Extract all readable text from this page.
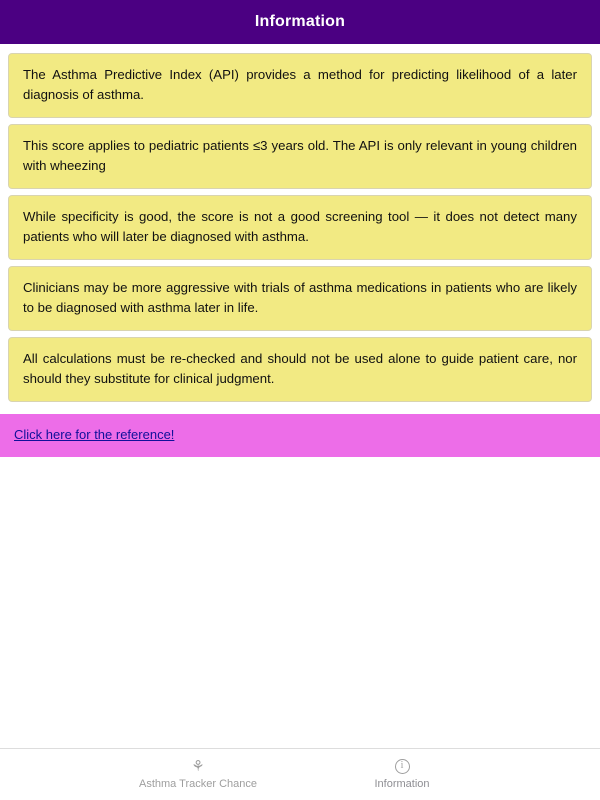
Information

The Asthma Predictive Index (API) provides a method for predicting likelihood of a later diagnosis of asthma.

This score applies to pediatric patients ≤3 years old. The API is only relevant in young children with wheezing

While specificity is good, the score is not a good screening tool — it does not detect many patients who will later be diagnosed with asthma.

Clinicians may be more aggressive with trials of asthma medications in patients who are likely to be diagnosed with asthma later in life.

All calculations must be re-checked and should not be used alone to guide patient care, nor should they substitute for clinical judgment.

Click here for the reference!
⚘
Asthma Tracker Chance
i
Information
